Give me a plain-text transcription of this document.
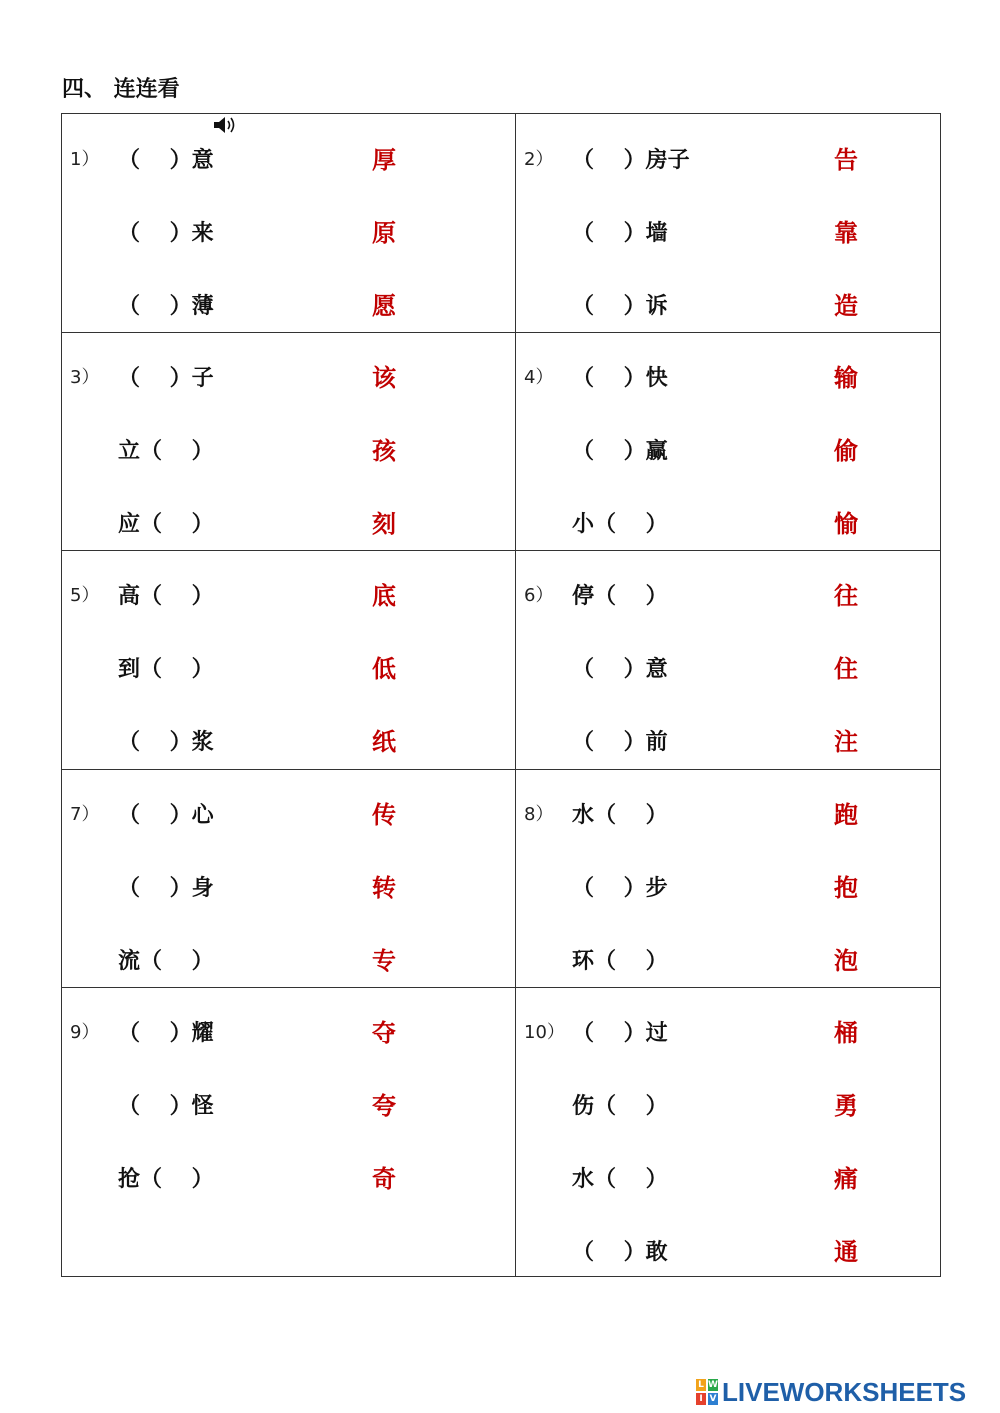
四、 连连看

1） （　 ）意
（　 ）来
（　 ）薄
厚
原
愿
2） （　 ）房子
（　 ）墙
（　 ）诉
告
靠
造
3） （　 ）子
立（　 ）
应（　 ）
该
孩
刻
4） （　 ）快
（　 ）赢
小（　 ）
输
偷
愉
5） 高（　 ）
到（　 ）
（　 ）浆
底
低
纸
6） 停（　 ）
（　 ）意
（　 ）前
往
住
注
7） （　 ）心
（　 ）身
流（　 ）
传
转
专
8） 水（　 ）
（　 ）步
环（　 ）
跑
抱
泡
9） （　 ）耀
（　 ）怪
抢（　 ）
夺
夸
奇
10） （　 ）过
伤（　 ）
水（　 ）
（　 ）敢
桶
勇
痛
通
L W
I V LIVEWORKSHEETS
